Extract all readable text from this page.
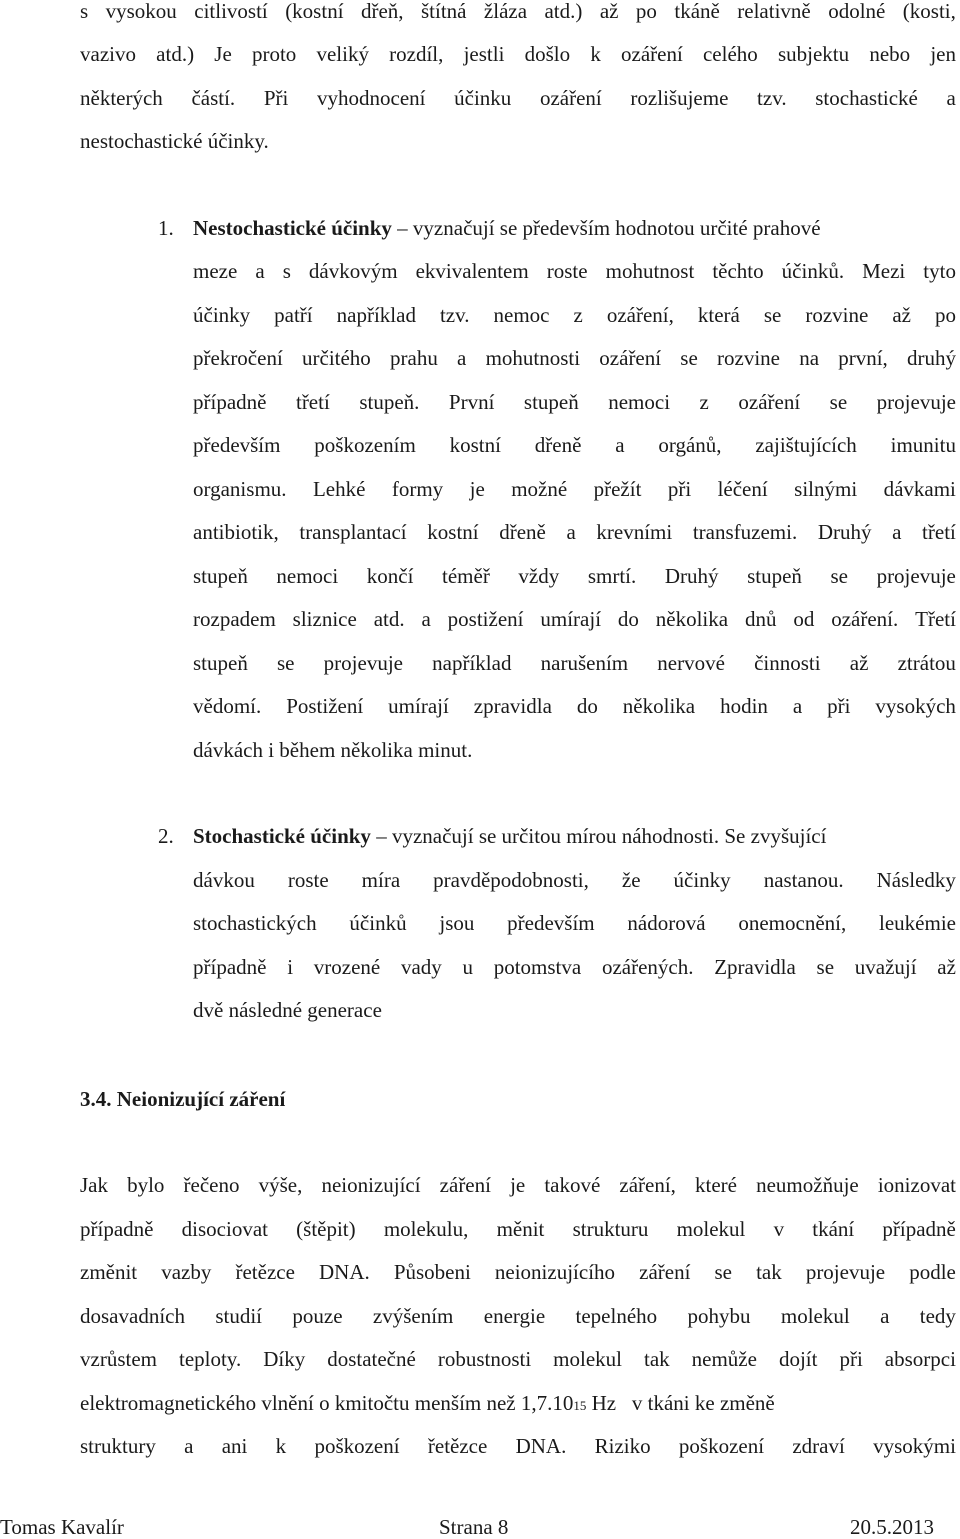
s vysokou citlivostí (kostní dřeň, štítná žláza atd.) až po tkáně relativně odolné (kosti,
vazivo atd.) Je proto veliký rozdíl, jestli došlo k ozáření celého subjektu nebo jen
některých částí. Při vyhodnocení účinku ozáření rozlišujeme tzv. stochastické a
nestochastické účinky.
1. Nestochastické účinky – vyznačují se především hodnotou určité prahové
meze a s dávkovým ekvivalentem roste mohutnost těchto účinků. Mezi tyto
účinky patří například tzv. nemoc z ozáření, která se rozvine až po
překročení určitého prahu a mohutnosti ozáření se rozvine na první, druhý
případně třetí stupeň. První stupeň nemoci z ozáření se projevuje
především poškozením kostní dřeně a orgánů, zajištujících imunitu
organismu. Lehké formy je možné přežít při léčení silnými dávkami
antibiotik, transplantací kostní dřeně a krevními transfuzemi. Druhý a třetí
stupeň nemoci končí téměř vždy smrtí. Druhý stupeň se projevuje
rozpadem sliznice atd. a postižení umírají do několika dnů od ozáření. Třetí
stupeň se projevuje například narušením nervové činnosti až ztrátou
vědomí. Postižení umírají zpravidla do několika hodin a při vysokých
dávkách i během několika minut.
2. Stochastické účinky – vyznačují se určitou mírou náhodnosti. Se zvyšující
dávkou roste míra pravděpodobnosti, že účinky nastanou. Následky
stochastických účinků jsou především nádorová onemocnění, leukémie
případně i vrozené vady u potomstva ozářených. Zpravidla se uvažují až
dvě následné generace
3.4. Neionizující záření
Jak bylo řečeno výše, neionizující záření je takové záření, které neumožňuje ionizovat
případně disociovat (štěpit) molekulu, měnit strukturu molekul v tkání případně
změnit vazby řetězce DNA. Působeni neionizujícího záření se tak projevuje podle
dosavadních studií pouze zvýšením energie tepelného pohybu molekul a tedy
vzrůstem teploty. Díky dostatečné robustnosti molekul tak nemůže dojít při absorpci
elektromagnetického vlnění o kmitočtu menším než 1,7.10 15 Hz   v tkáni ke změně
struktury a ani k poškození řetězce DNA. Riziko poškození zdraví vysokými
Tomas Kavalír	Strana 8	20.5.2013
